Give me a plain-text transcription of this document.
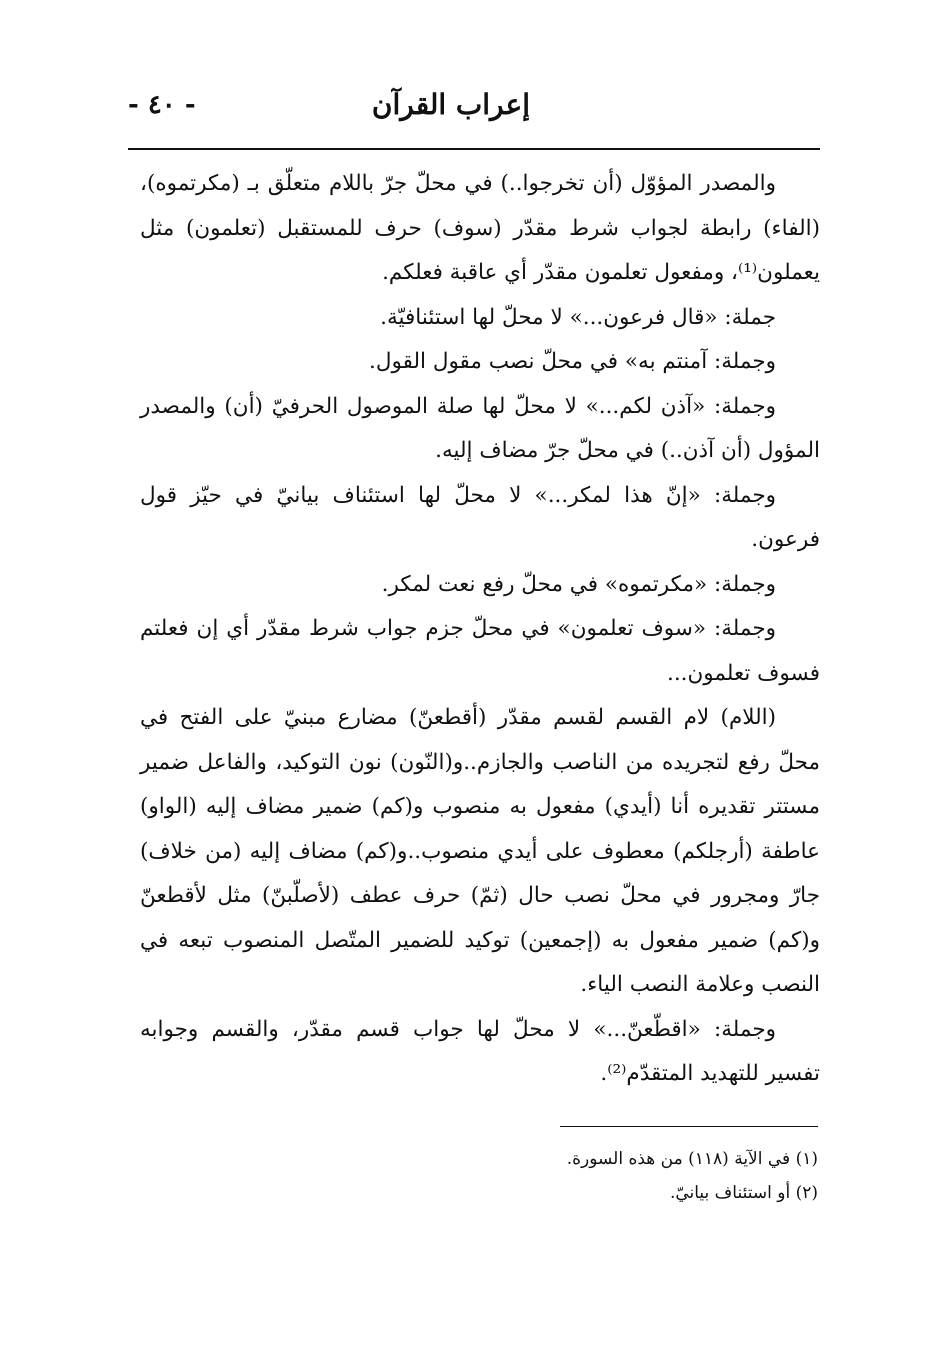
إعراب القرآن
- ٤٠ -

والمصدر المؤوّل (أن تخرجوا..) في محلّ جرّ باللام متعلّق بـ (مكرتموه)، (الفاء) رابطة لجواب شرط مقدّر (سوف) حرف للمستقبل (تعلمون) مثل يعملون⁽¹⁾، ومفعول تعلمون مقدّر أي عاقبة فعلكم.

جملة: «قال فرعون...» لا محلّ لها استئنافيّة.

وجملة: آمنتم به» في محلّ نصب مقول القول.

وجملة: «آذن لكم...» لا محلّ لها صلة الموصول الحرفيّ (أن) والمصدر المؤول (أن آذن..) في محلّ جرّ مضاف إليه.

وجملة: «إنّ هذا لمكر...» لا محلّ لها استئناف بيانيّ في حيّز قول فرعون.

وجملة: «مكرتموه» في محلّ رفع نعت لمكر.

وجملة: «سوف تعلمون» في محلّ جزم جواب شرط مقدّر أي إن فعلتم فسوف تعلمون...

(اللام) لام القسم لقسم مقدّر (أقطعنّ) مضارع مبنيّ على الفتح في محلّ رفع لتجريده من الناصب والجازم..و(النّون) نون التوكيد، والفاعل ضمير مستتر تقديره أنا (أيدي) مفعول به منصوب و(كم) ضمير مضاف إليه (الواو) عاطفة (أرجلكم) معطوف على أيدي منصوب..و(كم) مضاف إليه (من خلاف) جارّ ومجرور في محلّ نصب حال (ثمّ) حرف عطف (لأصلّبنّ) مثل لأقطعنّ و(كم) ضمير مفعول به (إجمعين) توكيد للضمير المتّصل المنصوب تبعه في النصب وعلامة النصب الياء.

وجملة: «اقطّعنّ...» لا محلّ لها جواب قسم مقدّر، والقسم وجوابه تفسير للتهديد المتقدّم⁽²⁾.

(١) في الآية (١١٨) من هذه السورة.

(٢) أو استئناف بيانيّ.
